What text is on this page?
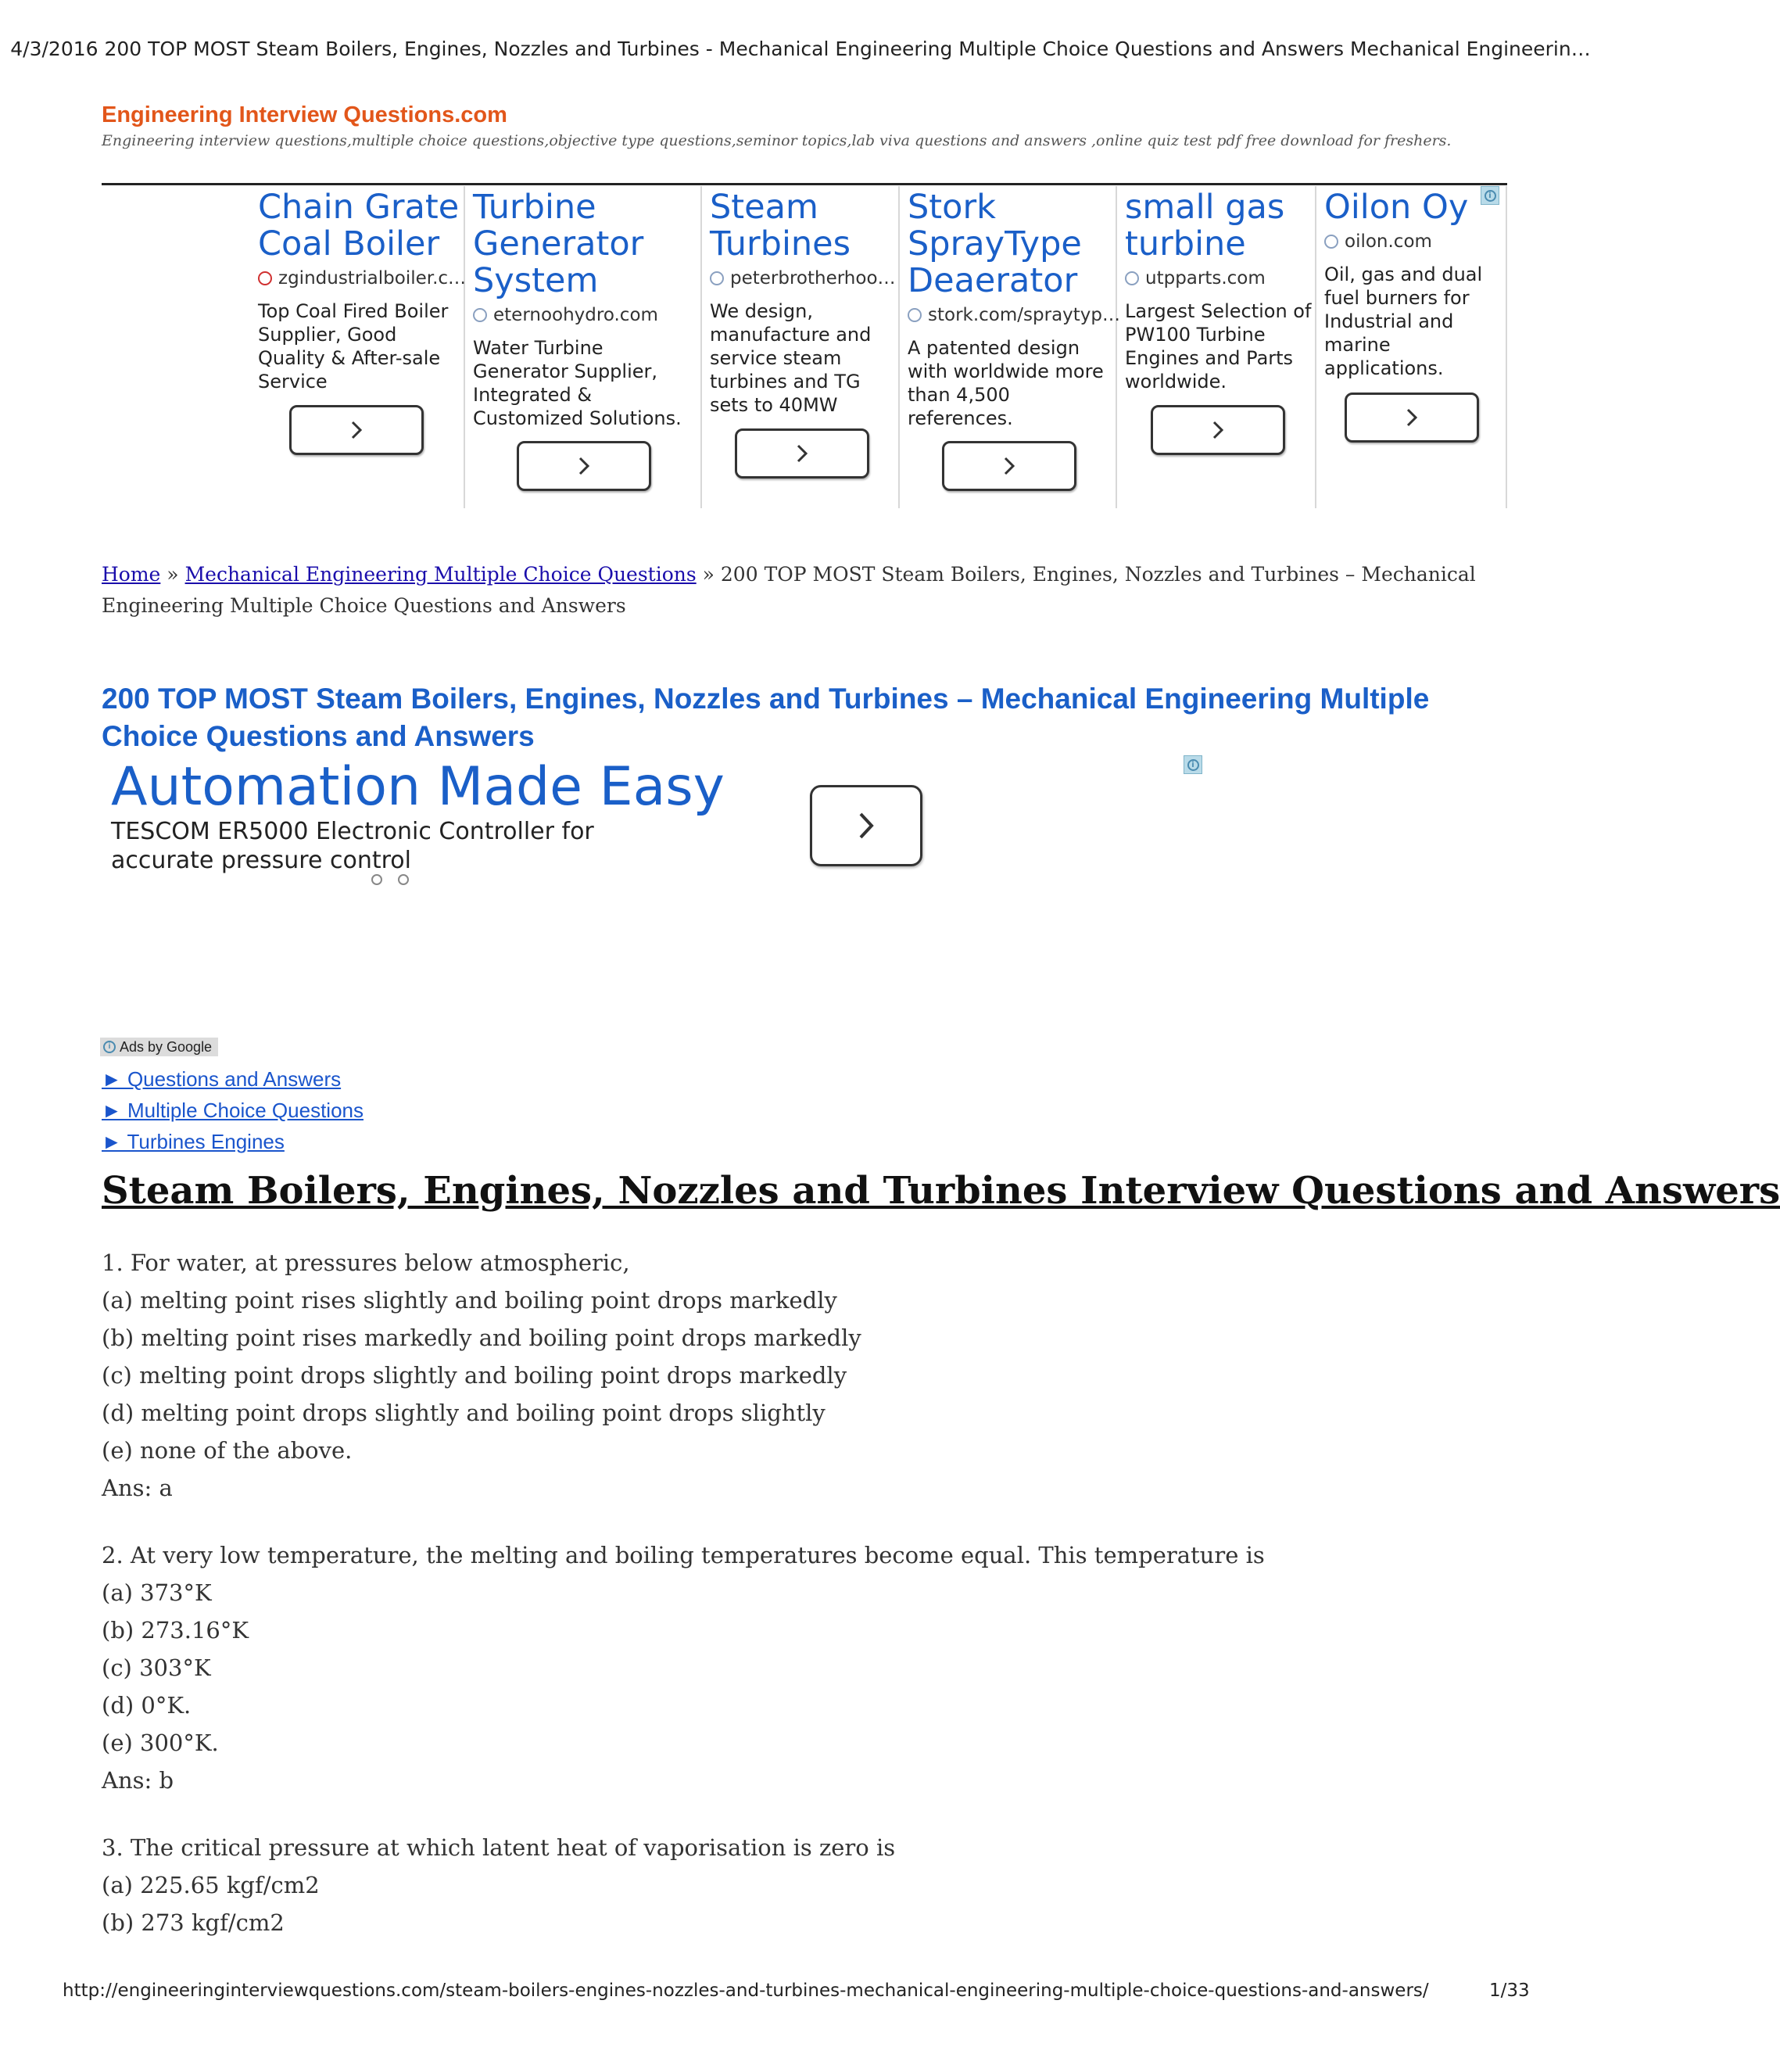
4/3/2016 200 TOP MOST Steam Boilers, Engines, Nozzles and Turbines - Mechanical Engineering Multiple Choice Questions and Answers Mechanical Engineerin…
Engineering Interview Questions.com
Engineering interview questions,multiple choice questions,objective type questions,seminor topics,lab viva questions and answers ,online quiz test pdf free download for freshers.
Chain Grate Coal Boiler
zgindustrialboiler.c…
Top Coal Fired Boiler Supplier, Good Quality & After-sale Service
Turbine Generator System
eternoohydro.com
Water Turbine Generator Supplier, Integrated & Customized Solutions.
Steam Turbines
peterbrotherhoo…
We design, manufacture and service steam turbines and TG sets to 40MW
Stork SprayType Deaerator
stork.com/spraytyp…
A patented design with worldwide more than 4,500 references.
small gas turbine
utpparts.com
Largest Selection of PW100 Turbine Engines and Parts worldwide.
Oilon Oy
oilon.com
Oil, gas and dual fuel burners for Industrial and marine applications.
i
Home » Mechanical Engineering Multiple Choice Questions » 200 TOP MOST Steam Boilers, Engines, Nozzles and Turbines – Mechanical Engineering Multiple Choice Questions and Answers
200 TOP MOST Steam Boilers, Engines, Nozzles and Turbines – Mechanical Engineering Multiple Choice Questions and Answers
Automation Made Easy
TESCOM ER5000 Electronic Controller for accurate pressure control
i
i Ads by Google
► Questions and Answers
► Multiple Choice Questions
► Turbines Engines
Steam Boilers, Engines, Nozzles and Turbines Interview Questions and Answers
1. For water, at pressures below atmospheric,
(a) melting point rises slightly and boiling point drops markedly
(b) melting point rises markedly and boiling point drops markedly
(c) melting point drops slightly and boiling point drops markedly
(d) melting point drops slightly and boiling point drops slightly
(e) none of the above.
Ans: a
2. At very low temperature, the melting and boiling temperatures become equal. This temperature is
(a) 373°K
(b) 273.16°K
(c) 303°K
(d) 0°K.
(e) 300°K.
Ans: b
3. The critical pressure at which latent heat of vaporisation is zero is
(a) 225.65 kgf/cm2
(b) 273 kgf/cm2
http://engineeringinterviewquestions.com/steam-boilers-engines-nozzles-and-turbines-mechanical-engineering-multiple-choice-questions-and-answers/	1/33
